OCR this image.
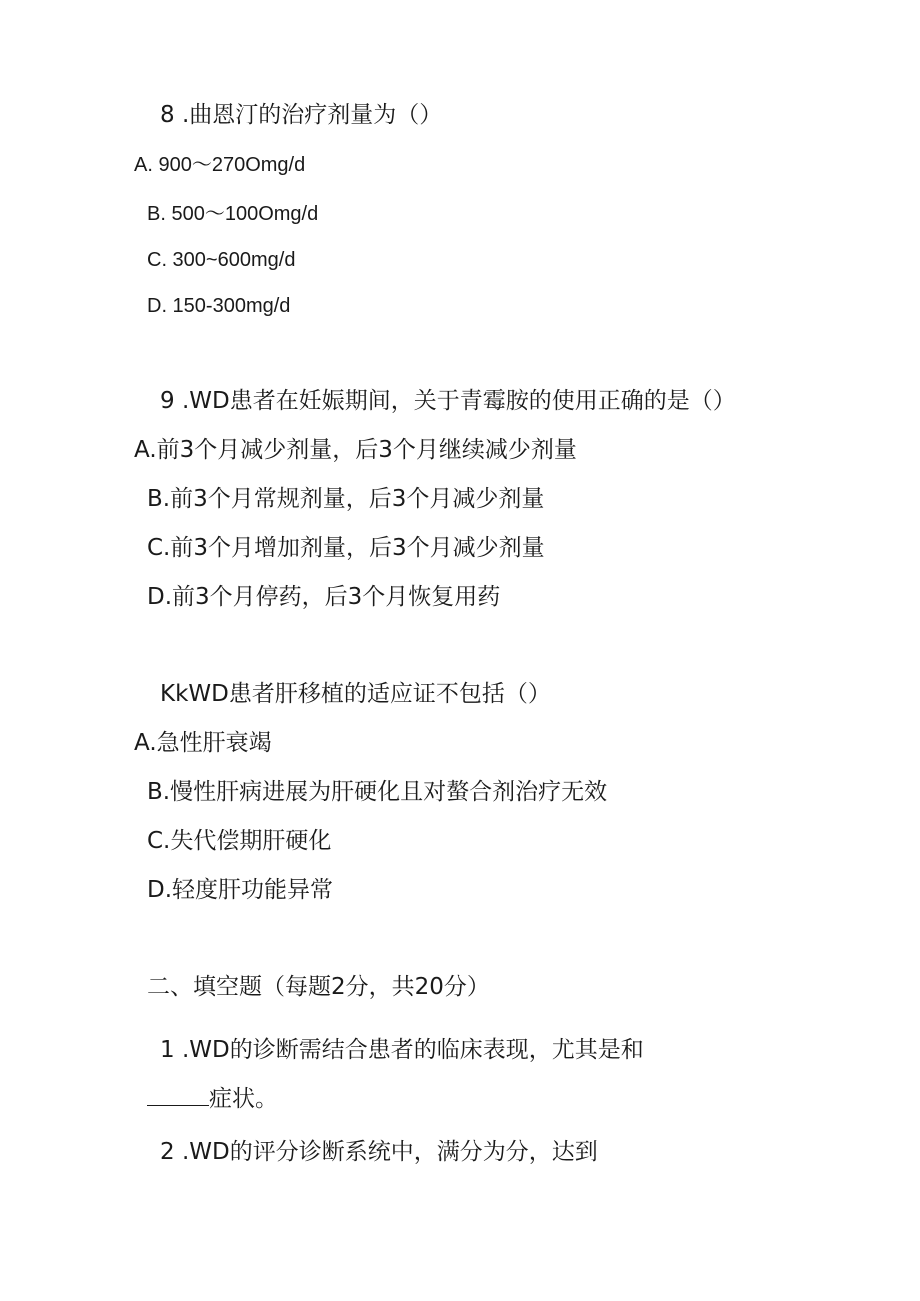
8 .曲恩汀的治疗剂量为（）
A. 900～270Omg/d
B. 500～100Omg/d
C. 300~600mg/d
D. 150-300mg/d
9 .WD患者在妊娠期间，关于青霉胺的使用正确的是（）
A.前3个月减少剂量，后3个月继续减少剂量
B.前3个月常规剂量，后3个月减少剂量
C.前3个月增加剂量，后3个月减少剂量
D.前3个月停药，后3个月恢复用药
KkWD患者肝移植的适应证不包括（）
A.急性肝衰竭
B.慢性肝病进展为肝硬化且对螯合剂治疗无效
C.失代偿期肝硬化
D.轻度肝功能异常
二、填空题（每题2分，共20分）
1 .WD的诊断需结合患者的临床表现，尤其是和
症状。
2 .WD的评分诊断系统中，满分为分，达到
